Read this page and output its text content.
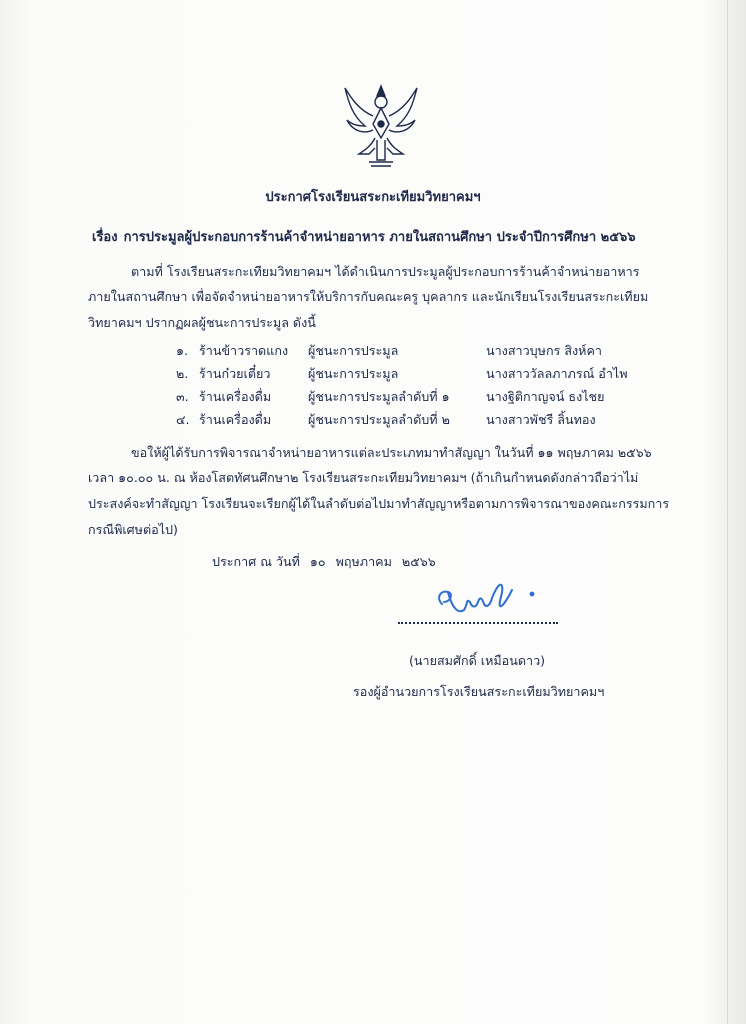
ประกาศโรงเรียนสระกะเทียมวิทยาคมฯ
เรื่อง การประมูลผู้ประกอบการร้านค้าจำหน่ายอาหาร ภายในสถานศึกษา ประจำปีการศึกษา ๒๕๖๖
ตามที่ โรงเรียนสระกะเทียมวิทยาคมฯ ได้ดำเนินการประมูลผู้ประกอบการร้านค้าจำหน่ายอาหาร
ภายในสถานศึกษา เพื่อจัดจำหน่ายอาหารให้บริการกับคณะครู บุคลากร และนักเรียนโรงเรียนสระกะเทียม
วิทยาคมฯ ปรากฏผลผู้ชนะการประมูล ดังนี้
๑. ร้านข้าวราดแกง ผู้ชนะการประมูล	นางสาวบุษกร สิงห์คา
๒. ร้านก๋วยเตี๋ยว	ผู้ชนะการประมูล	นางสาววัลลภาภรณ์ อำไพ
๓. ร้านเครื่องดื่ม	ผู้ชนะการประมูลลำดับที่ ๑	นางฐิติกาญจน์ ธงไชย
๔. ร้านเครื่องดื่ม	ผู้ชนะการประมูลลำดับที่ ๒	นางสาวพัชรี ลิ้นทอง
ขอให้ผู้ได้รับการพิจารณาจำหน่ายอาหารแต่ละประเภทมาทำสัญญา ในวันที่ ๑๑ พฤษภาคม ๒๕๖๖
เวลา ๑๐.๐๐ น. ณ ห้องโสตทัศนศึกษา๒ โรงเรียนสระกะเทียมวิทยาคมฯ (ถ้าเกินกำหนดดังกล่าวถือว่าไม่
ประสงค์จะทำสัญญา โรงเรียนจะเรียกผู้ได้ในลำดับต่อไปมาทำสัญญาหรือตามการพิจารณาของคณะกรรมการ
กรณีพิเศษต่อไป)
ประกาศ ณ วันที่ ๑๐ พฤษภาคม ๒๕๖๖
(นายสมศักดิ์ เหมือนดาว)
รองผู้อำนวยการโรงเรียนสระกะเทียมวิทยาคมฯ
